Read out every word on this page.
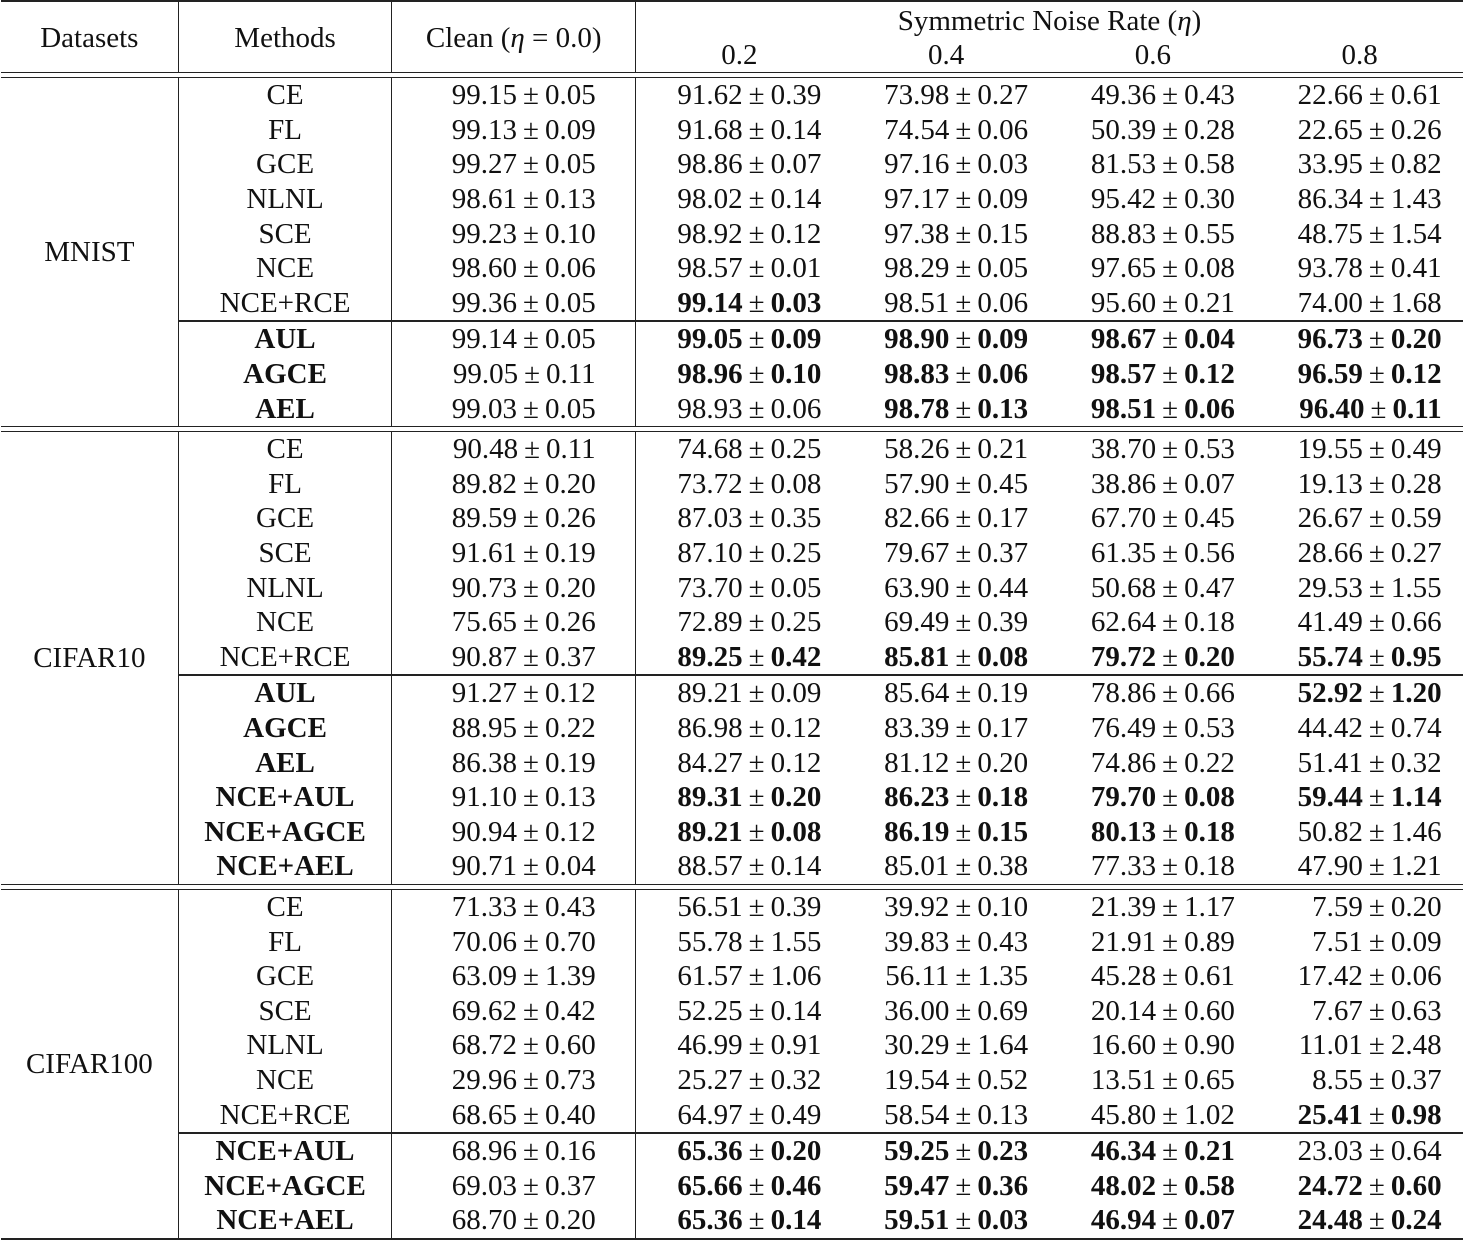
Datasets	Methods	Clean (η = 0.0)	Symmetric Noise Rate (η)			
			0.2	0.4	0.6	0.8

MNIST	CE	99.15 ± 0.05	91.62 ± 0.39	73.98 ± 0.27	49.36 ± 0.43	22.66 ± 0.61
	FL	99.13 ± 0.09	91.68 ± 0.14	74.54 ± 0.06	50.39 ± 0.28	22.65 ± 0.26
	GCE	99.27 ± 0.05	98.86 ± 0.07	97.16 ± 0.03	81.53 ± 0.58	33.95 ± 0.82
	NLNL	98.61 ± 0.13	98.02 ± 0.14	97.17 ± 0.09	95.42 ± 0.30	86.34 ± 1.43
	SCE	99.23 ± 0.10	98.92 ± 0.12	97.38 ± 0.15	88.83 ± 0.55	48.75 ± 1.54
	NCE	98.60 ± 0.06	98.57 ± 0.01	98.29 ± 0.05	97.65 ± 0.08	93.78 ± 0.41
	NCE+RCE	99.36 ± 0.05	99.14 ± 0.03	98.51 ± 0.06	95.60 ± 0.21	74.00 ± 1.68
	AUL	99.14 ± 0.05	99.05 ± 0.09	98.90 ± 0.09	98.67 ± 0.04	96.73 ± 0.20
	AGCE	99.05 ± 0.11	98.96 ± 0.10	98.83 ± 0.06	98.57 ± 0.12	96.59 ± 0.12
	AEL	99.03 ± 0.05	98.93 ± 0.06	98.78 ± 0.13	98.51 ± 0.06	96.40 ± 0.11

CIFAR10	CE	90.48 ± 0.11	74.68 ± 0.25	58.26 ± 0.21	38.70 ± 0.53	19.55 ± 0.49
	FL	89.82 ± 0.20	73.72 ± 0.08	57.90 ± 0.45	38.86 ± 0.07	19.13 ± 0.28
	GCE	89.59 ± 0.26	87.03 ± 0.35	82.66 ± 0.17	67.70 ± 0.45	26.67 ± 0.59
	SCE	91.61 ± 0.19	87.10 ± 0.25	79.67 ± 0.37	61.35 ± 0.56	28.66 ± 0.27
	NLNL	90.73 ± 0.20	73.70 ± 0.05	63.90 ± 0.44	50.68 ± 0.47	29.53 ± 1.55
	NCE	75.65 ± 0.26	72.89 ± 0.25	69.49 ± 0.39	62.64 ± 0.18	41.49 ± 0.66
	NCE+RCE	90.87 ± 0.37	89.25 ± 0.42	85.81 ± 0.08	79.72 ± 0.20	55.74 ± 0.95
	AUL	91.27 ± 0.12	89.21 ± 0.09	85.64 ± 0.19	78.86 ± 0.66	52.92 ± 1.20
	AGCE	88.95 ± 0.22	86.98 ± 0.12	83.39 ± 0.17	76.49 ± 0.53	44.42 ± 0.74
	AEL	86.38 ± 0.19	84.27 ± 0.12	81.12 ± 0.20	74.86 ± 0.22	51.41 ± 0.32
	NCE+AUL	91.10 ± 0.13	89.31 ± 0.20	86.23 ± 0.18	79.70 ± 0.08	59.44 ± 1.14
	NCE+AGCE	90.94 ± 0.12	89.21 ± 0.08	86.19 ± 0.15	80.13 ± 0.18	50.82 ± 1.46
	NCE+AEL	90.71 ± 0.04	88.57 ± 0.14	85.01 ± 0.38	77.33 ± 0.18	47.90 ± 1.21

CIFAR100	CE	71.33 ± 0.43	56.51 ± 0.39	39.92 ± 0.10	21.39 ± 1.17	7.59 ± 0.20
	FL	70.06 ± 0.70	55.78 ± 1.55	39.83 ± 0.43	21.91 ± 0.89	7.51 ± 0.09
	GCE	63.09 ± 1.39	61.57 ± 1.06	56.11 ± 1.35	45.28 ± 0.61	17.42 ± 0.06
	SCE	69.62 ± 0.42	52.25 ± 0.14	36.00 ± 0.69	20.14 ± 0.60	7.67 ± 0.63
	NLNL	68.72 ± 0.60	46.99 ± 0.91	30.29 ± 1.64	16.60 ± 0.90	11.01 ± 2.48
	NCE	29.96 ± 0.73	25.27 ± 0.32	19.54 ± 0.52	13.51 ± 0.65	8.55 ± 0.37
	NCE+RCE	68.65 ± 0.40	64.97 ± 0.49	58.54 ± 0.13	45.80 ± 1.02	25.41 ± 0.98
	NCE+AUL	68.96 ± 0.16	65.36 ± 0.20	59.25 ± 0.23	46.34 ± 0.21	23.03 ± 0.64
	NCE+AGCE	69.03 ± 0.37	65.66 ± 0.46	59.47 ± 0.36	48.02 ± 0.58	24.72 ± 0.60
	NCE+AEL	68.70 ± 0.20	65.36 ± 0.14	59.51 ± 0.03	46.94 ± 0.07	24.48 ± 0.24
